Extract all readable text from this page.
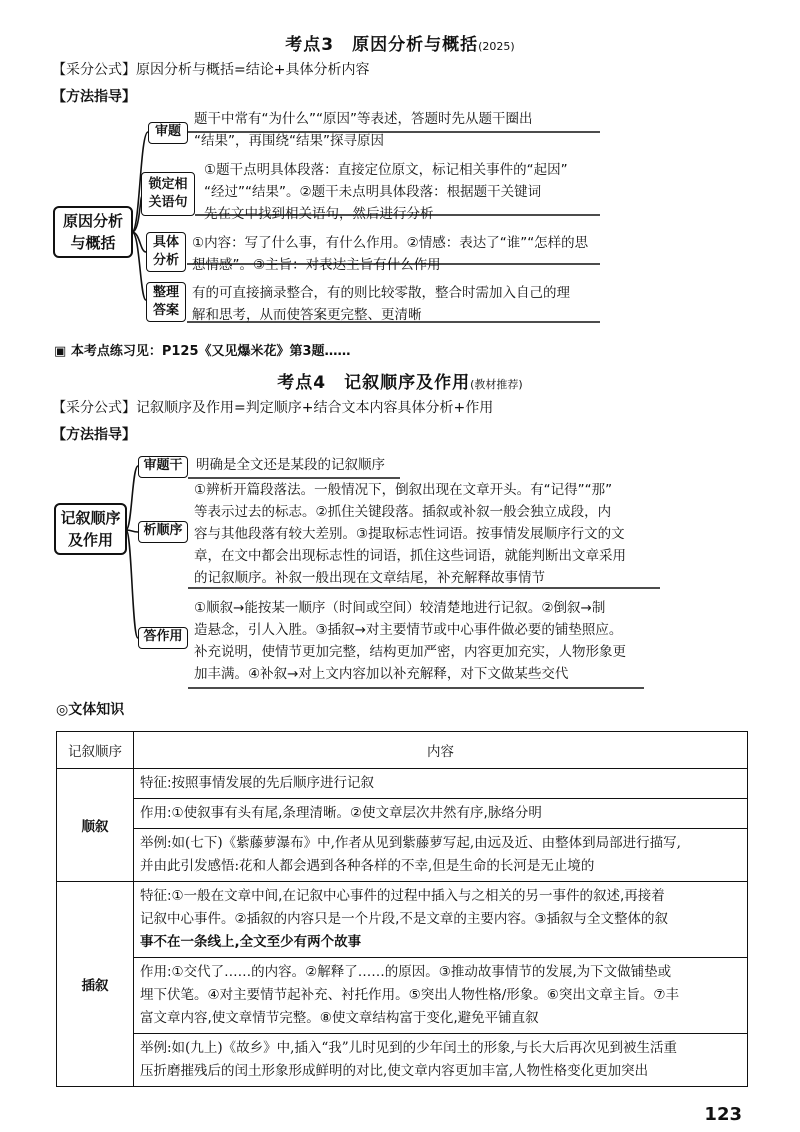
考点3　原因分析与概括(2025)
【采分公式】原因分析与概括=结论+具体分析内容
【方法指导】
原因分析
与概括
审题

题干中常有“为什么”“原因”等表述，答题时先从题干圈出

“结果”，再围绕“结果”探寻原因

锁定相
关语句

①题干点明具体段落：直接定位原文，标记相关事件的“起因”

“经过”“结果”。②题干未点明具体段落：根据题干关键词

先在文中找到相关语句，然后进行分析

具体
分析

①内容：写了什么事，有什么作用。②情感：表达了“谁”“怎样的思

想情感”。③主旨：对表达主旨有什么作用

整理
答案

有的可直接摘录整合，有的则比较零散，整合时需加入自己的理

解和思考，从而使答案更完整、更清晰

▣ 本考点练习见：P125《又见爆米花》第3题……
考点4　记叙顺序及作用(教材推荐)
【采分公式】记叙顺序及作用=判定顺序+结合文本内容具体分析+作用
【方法指导】
记叙顺序
及作用
审题干	明确是全文还是某段的记叙顺序

析顺序

①辨析开篇段落法。一般情况下，倒叙出现在文章开头。有“记得”“那”

等表示过去的标志。②抓住关键段落。插叙或补叙一般会独立成段，内

容与其他段落有较大差别。③提取标志性词语。按事情发展顺序行文的文

章，在文中都会出现标志性的词语，抓住这些词语，就能判断出文章采用

的记叙顺序。补叙一般出现在文章结尾，补充解释故事情节

答作用

①顺叙→能按某一顺序（时间或空间）较清楚地进行记叙。②倒叙→制

造悬念，引人入胜。③插叙→对主要情节或中心事件做必要的铺垫照应。

补充说明，使情节更加完整，结构更加严密，内容更加充实，人物形象更

加丰满。④补叙→对上文内容加以补充解释，对下文做某些交代

◎文体知识
记叙顺序	内容
顺叙	特征:按照事情发展的先后顺序进行记叙

	作用:①使叙事有头有尾,条理清晰。②使文章层次井然有序,脉络分明

	举例:如(七下)《紫藤萝瀑布》中,作者从见到紫藤萝写起,由远及近、由整体到局部进行描写,

并由此引发感悟:花和人都会遇到各种各样的不幸,但是生命的长河是无止境的

插叙	特征:①一般在文章中间,在记叙中心事件的过程中插入与之相关的另一事件的叙述,再接着

记叙中心事件。②插叙的内容只是一个片段,不是文章的主要内容。③插叙与全文整体的叙

事不在一条线上,全文至少有两个故事

	作用:①交代了……的内容。②解释了……的原因。③推动故事情节的发展,为下文做铺垫或

埋下伏笔。④对主要情节起补充、衬托作用。⑤突出人物性格/形象。⑥突出文章主旨。⑦丰

富文章内容,使文章情节完整。⑧使文章结构富于变化,避免平铺直叙

	举例:如(九上)《故乡》中,插入“我”儿时见到的少年闰土的形象,与长大后再次见到被生活重

压折磨摧残后的闰土形象形成鲜明的对比,使文章内容更加丰富,人物性格变化更加突出

123
